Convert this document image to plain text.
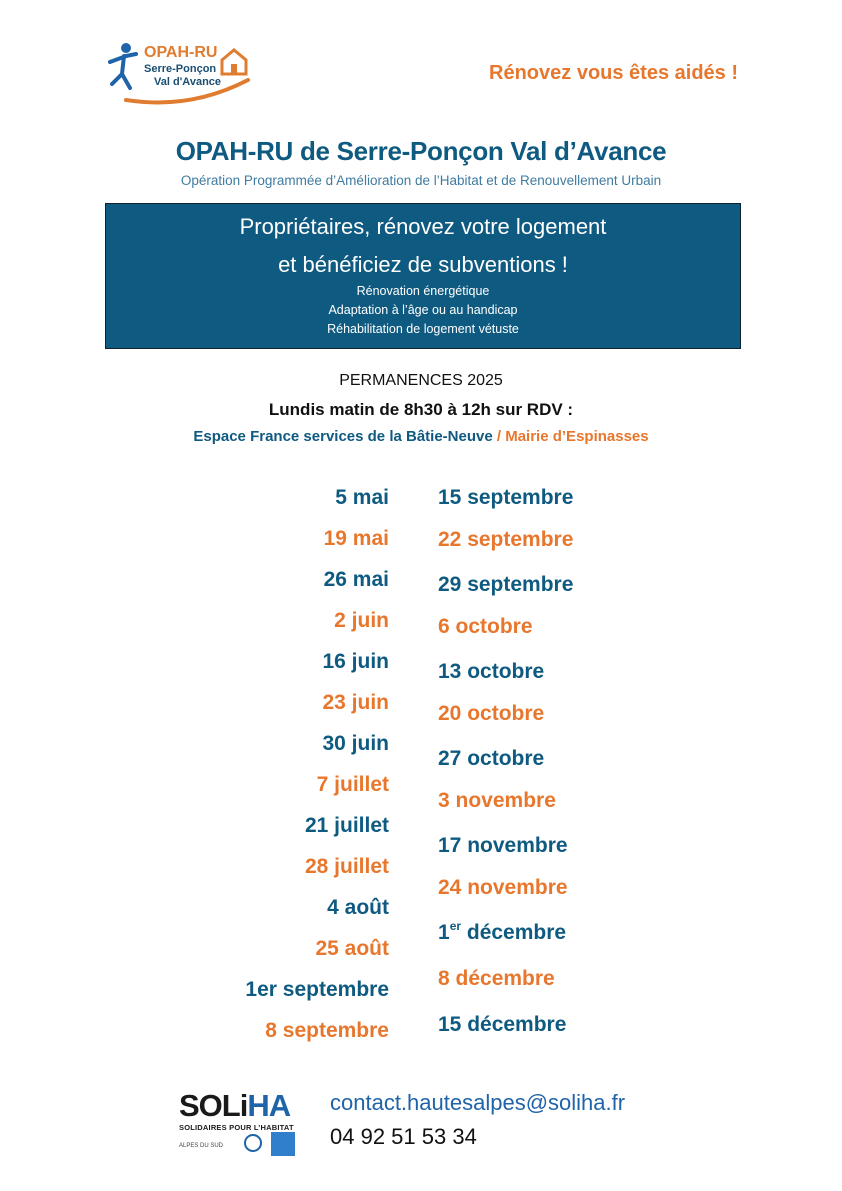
OPAH-RU
Serre-Ponçon
Val d'Avance	Rénovez vous êtes aidés !
OPAH-RU de Serre-Ponçon Val d’Avance
Opération Programmée d’Amélioration de l’Habitat et de Renouvellement Urbain
Propriétaires, rénovez votre logement
et bénéficiez de subventions !
Rénovation énergétique
Adaptation à l’âge ou au handicap
Réhabilitation de logement vétuste
PERMANENCES 2025
Lundis matin de 8h30 à 12h sur RDV :
Espace France services de la Bâtie-Neuve / Mairie d’Espinasses
5 mai
19 mai
26 mai
2 juin
16 juin
23 juin
30 juin
7 juillet
21 juillet
28 juillet
4 août
25 août
1er septembre
8 septembre
15 septembre
22 septembre
29 septembre
6 octobre
13 octobre
20 octobre
27 octobre
3 novembre
17 novembre
24 novembre
1er décembre
8 décembre
15 décembre
SOLiHA
SOLIDAIRES POUR L’HABITAT
ALPES DU SUD
contact.hautesalpes@soliha.fr
04 92 51 53 34
